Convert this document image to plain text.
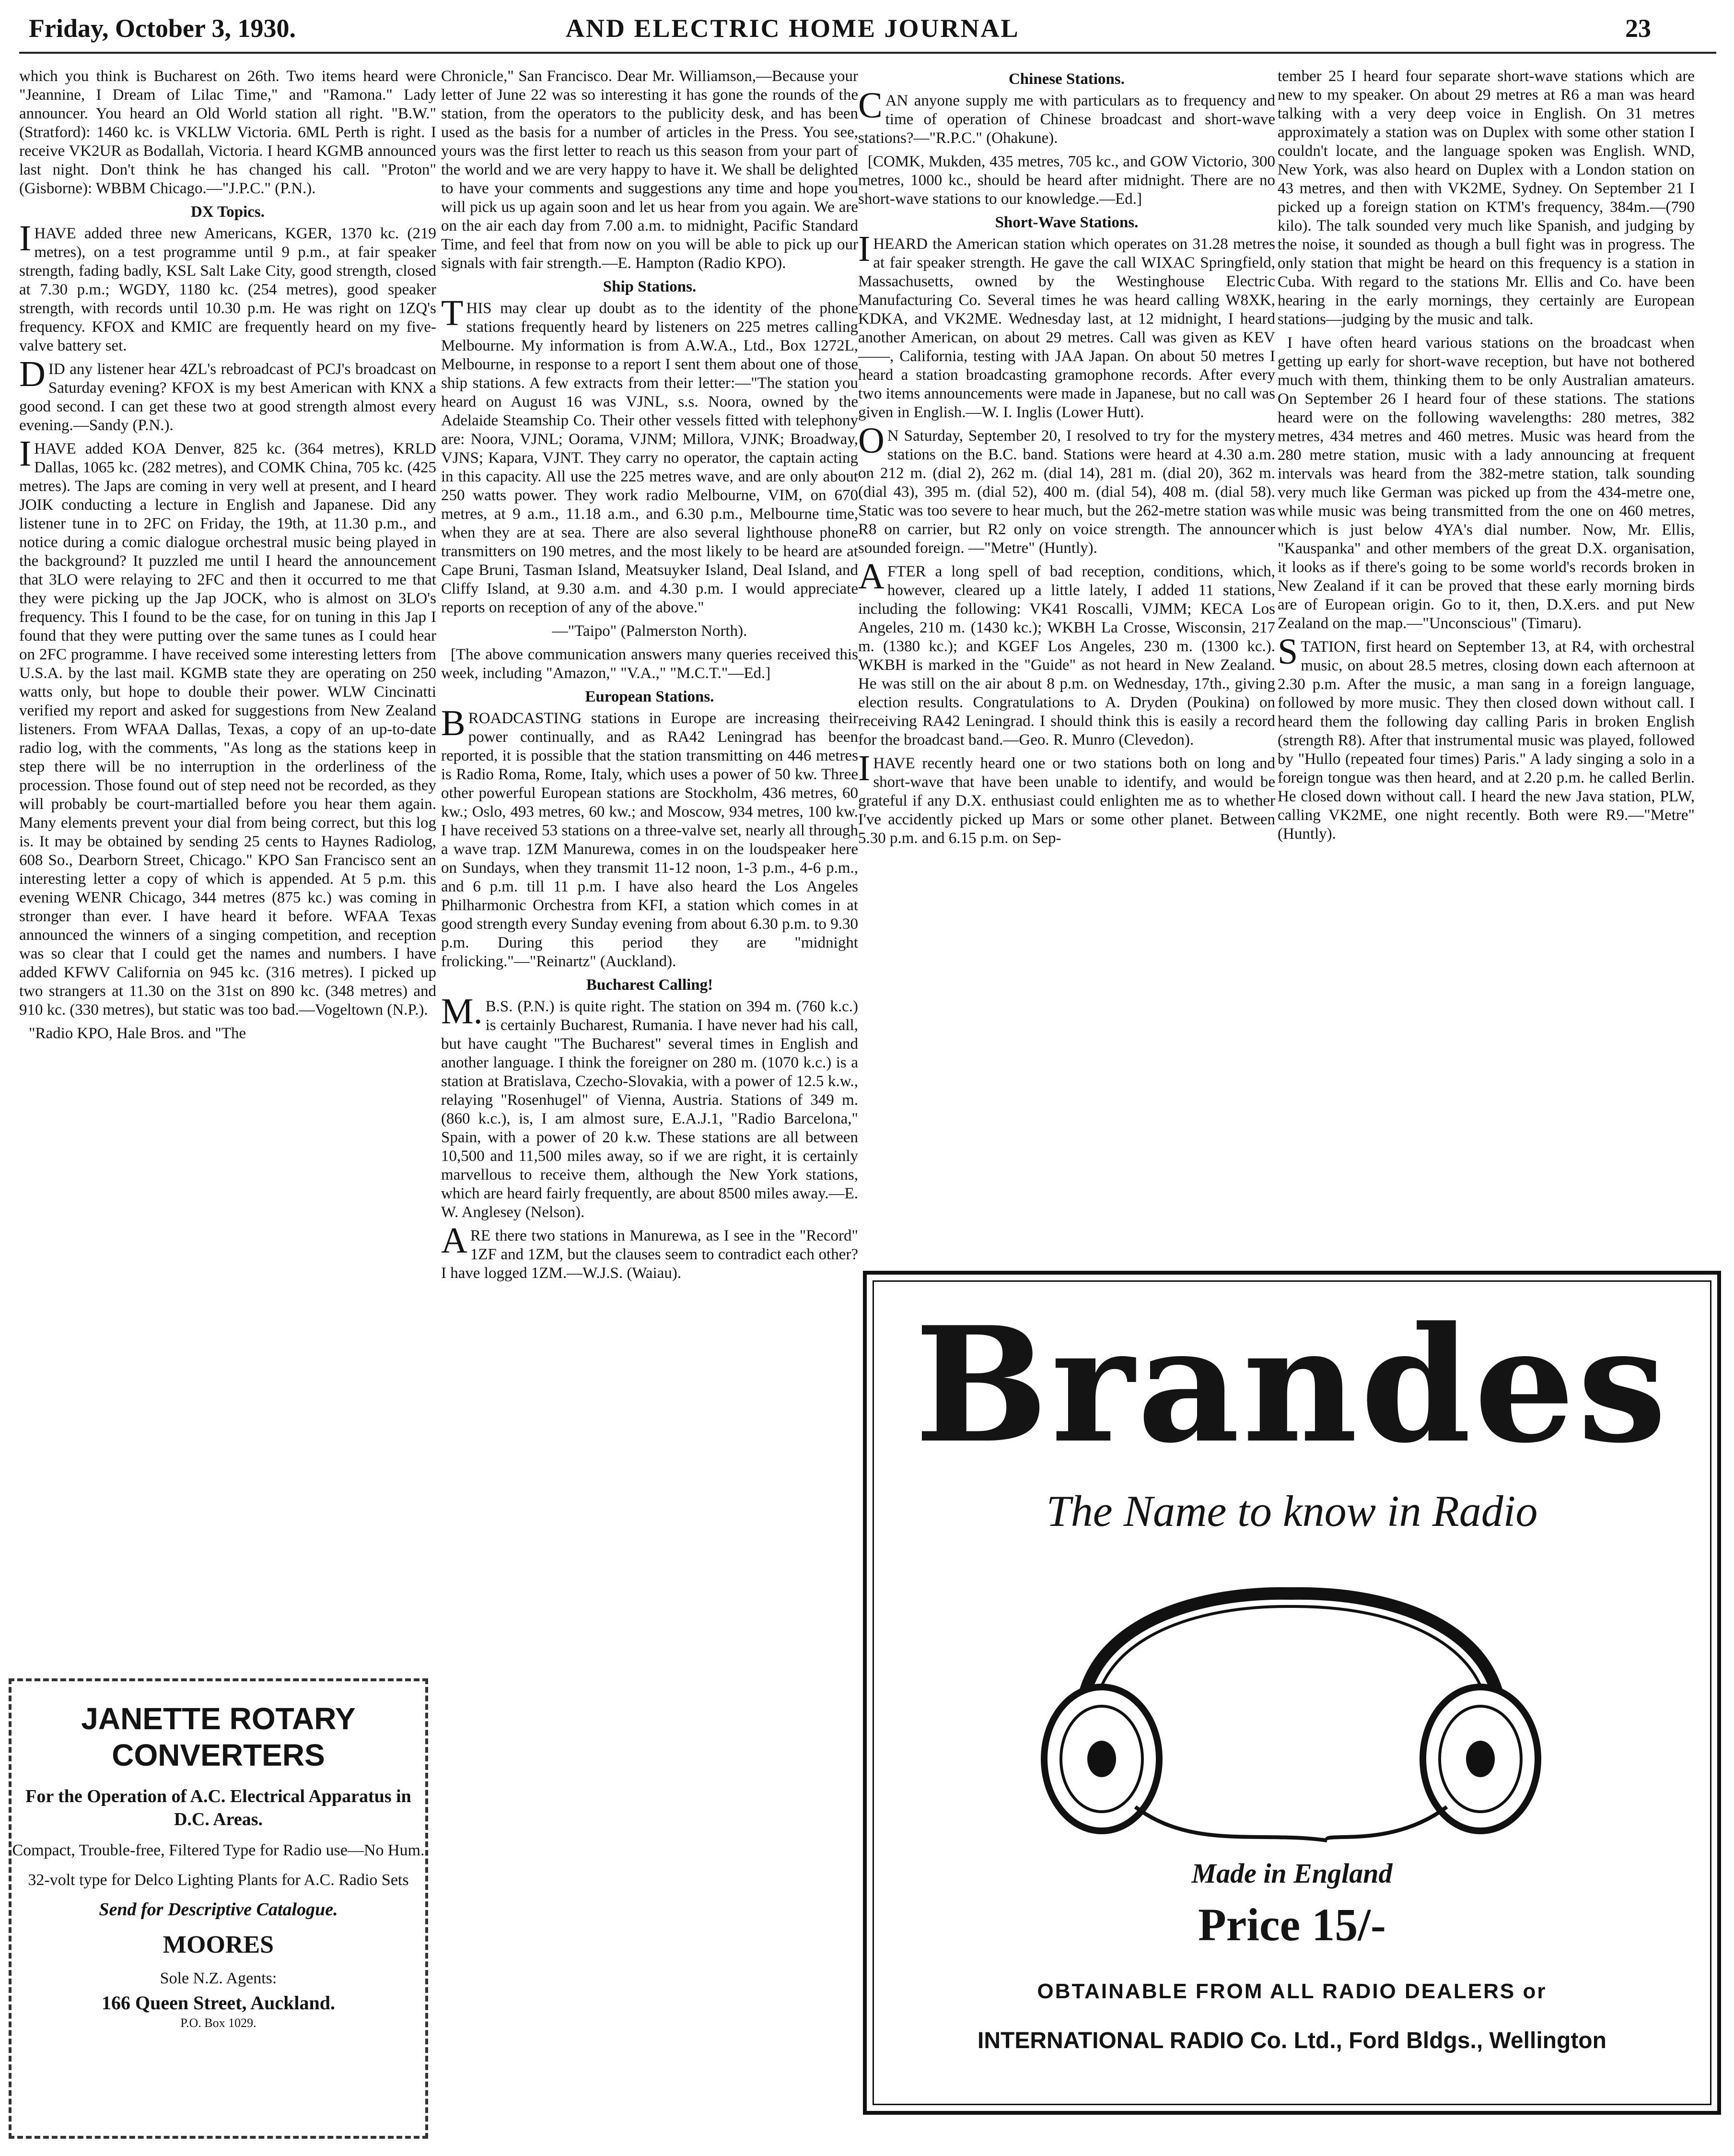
Friday, October 3, 1930.	AND ELECTRIC HOME JOURNAL	23

which you think is Bucharest on 26th. Two items heard were "Jeannine, I Dream of Lilac Time," and "Ramona." Lady announcer. You heard an Old World station all right. "B.W." (Stratford): 1460 kc. is VKLLW Victoria. 6ML Perth is right. I receive VK2UR as Bodallah, Victoria. I heard KGMB announced last night. Don't think he has changed his call. "Proton" (Gisborne): WBBM Chicago.—"J.P.C." (P.N.).

DX Topics.

IHAVE added three new Americans, KGER, 1370 kc. (219 metres), on a test programme until 9 p.m., at fair speaker strength, fading badly, KSL Salt Lake City, good strength, closed at 7.30 p.m.; WGDY, 1180 kc. (254 metres), good speaker strength, with records until 10.30 p.m. He was right on 1ZQ's frequency. KFOX and KMIC are frequently heard on my five-valve battery set.

DID any listener hear 4ZL's rebroadcast of PCJ's broadcast on Saturday evening? KFOX is my best American with KNX a good second. I can get these two at good strength almost every evening.—Sandy (P.N.).

IHAVE added KOA Denver, 825 kc. (364 metres), KRLD Dallas, 1065 kc. (282 metres), and COMK China, 705 kc. (425 metres). The Japs are coming in very well at present, and I heard JOIK conducting a lecture in English and Japanese. Did any listener tune in to 2FC on Friday, the 19th, at 11.30 p.m., and notice during a comic dialogue orchestral music being played in the background? It puzzled me until I heard the announcement that 3LO were relaying to 2FC and then it occurred to me that they were picking up the Jap JOCK, who is almost on 3LO's frequency. This I found to be the case, for on tuning in this Jap I found that they were putting over the same tunes as I could hear on 2FC programme. I have received some interesting letters from U.S.A. by the last mail. KGMB state they are operating on 250 watts only, but hope to double their power. WLW Cincinatti verified my report and asked for suggestions from New Zealand listeners. From WFAA Dallas, Texas, a copy of an up-to-date radio log, with the comments, "As long as the stations keep in step there will be no interruption in the orderliness of the procession. Those found out of step need not be recorded, as they will probably be court-martialled before you hear them again. Many elements prevent your dial from being correct, but this log is. It may be obtained by sending 25 cents to Haynes Radiolog, 608 So., Dearborn Street, Chicago." KPO San Francisco sent an interesting letter a copy of which is appended. At 5 p.m. this evening WENR Chicago, 344 metres (875 kc.) was coming in stronger than ever. I have heard it before. WFAA Texas announced the winners of a singing competition, and reception was so clear that I could get the names and numbers. I have added KFWV California on 945 kc. (316 metres). I picked up two strangers at 11.30 on the 31st on 890 kc. (348 metres) and 910 kc. (330 metres), but static was too bad.—Vogeltown (N.P.).

"Radio KPO, Hale Bros. and "The

JANETTE ROTARY
CONVERTERS
For the Operation of A.C. Electrical Apparatus in D.C. Areas.
Compact, Trouble-free, Filtered Type for Radio use—No Hum.
32-volt type for Delco Lighting Plants for A.C. Radio Sets
Send for Descriptive Catalogue.
MOORES
Sole N.Z. Agents:
166 Queen Street, Auckland.
P.O. Box 1029.

Chronicle," San Francisco. Dear Mr. Williamson,—Because your letter of June 22 was so interesting it has gone the rounds of the station, from the operators to the publicity desk, and has been used as the basis for a number of articles in the Press. You see, yours was the first letter to reach us this season from your part of the world and we are very happy to have it. We shall be delighted to have your comments and suggestions any time and hope you will pick us up again soon and let us hear from you again. We are on the air each day from 7.00 a.m. to midnight, Pacific Standard Time, and feel that from now on you will be able to pick up our signals with fair strength.—E. Hampton (Radio KPO).

Ship Stations.

THIS may clear up doubt as to the identity of the phone stations frequently heard by listeners on 225 metres calling Melbourne. My information is from A.W.A., Ltd., Box 1272L, Melbourne, in response to a report I sent them about one of those ship stations. A few extracts from their letter:—"The station you heard on August 16 was VJNL, s.s. Noora, owned by the Adelaide Steamship Co. Their other vessels fitted with telephony are: Noora, VJNL; Oorama, VJNM; Millora, VJNK; Broadway, VJNS; Kapara, VJNT. They carry no operator, the captain acting in this capacity. All use the 225 metres wave, and are only about 250 watts power. They work radio Melbourne, VIM, on 670 metres, at 9 a.m., 11.18 a.m., and 6.30 p.m., Melbourne time, when they are at sea. There are also several lighthouse phone transmitters on 190 metres, and the most likely to be heard are at Cape Bruni, Tasman Island, Meatsuyker Island, Deal Island, and Cliffy Island, at 9.30 a.m. and 4.30 p.m. I would appreciate reports on reception of any of the above."

—"Taipo" (Palmerston North).

[The above communication answers many queries received this week, including "Amazon," "V.A.," "M.C.T."—Ed.]

European Stations.

BROADCASTING stations in Europe are increasing their power continually, and as RA42 Leningrad has been reported, it is possible that the station transmitting on 446 metres is Radio Roma, Rome, Italy, which uses a power of 50 kw. Three other powerful European stations are Stockholm, 436 metres, 60 kw.; Oslo, 493 metres, 60 kw.; and Moscow, 934 metres, 100 kw. I have received 53 stations on a three-valve set, nearly all through a wave trap. 1ZM Manurewa, comes in on the loudspeaker here on Sundays, when they transmit 11-12 noon, 1-3 p.m., 4-6 p.m., and 6 p.m. till 11 p.m. I have also heard the Los Angeles Philharmonic Orchestra from KFI, a station which comes in at good strength every Sunday evening from about 6.30 p.m. to 9.30 p.m. During this period they are "midnight frolicking."—"Reinartz" (Auckland).

Bucharest Calling!

M.B.S. (P.N.) is quite right. The station on 394 m. (760 k.c.) is certainly Bucharest, Rumania. I have never had his call, but have caught "The Bucharest" several times in English and another language. I think the foreigner on 280 m. (1070 k.c.) is a station at Bratislava, Czecho-Slovakia, with a power of 12.5 k.w., relaying "Rosenhugel" of Vienna, Austria. Stations of 349 m. (860 k.c.), is, I am almost sure, E.A.J.1, "Radio Barcelona," Spain, with a power of 20 k.w. These stations are all between 10,500 and 11,500 miles away, so if we are right, it is certainly marvellous to receive them, although the New York stations, which are heard fairly frequently, are about 8500 miles away.—E. W. Anglesey (Nelson).

ARE there two stations in Manurewa, as I see in the "Record" 1ZF and 1ZM, but the clauses seem to contradict each other? I have logged 1ZM.—W.J.S. (Waiau).

Chinese Stations.

CAN anyone supply me with particulars as to frequency and time of operation of Chinese broadcast and short-wave stations?—"R.P.C." (Ohakune).

[COMK, Mukden, 435 metres, 705 kc., and GOW Victorio, 300 metres, 1000 kc., should be heard after midnight. There are no short-wave stations to our knowledge.—Ed.]

Short-Wave Stations.

IHEARD the American station which operates on 31.28 metres at fair speaker strength. He gave the call WIXAC Springfield, Massachusetts, owned by the Westinghouse Electric Manufacturing Co. Several times he was heard calling W8XK, KDKA, and VK2ME. Wednesday last, at 12 midnight, I heard another American, on about 29 metres. Call was given as KEV——, California, testing with JAA Japan. On about 50 metres I heard a station broadcasting gramophone records. After every two items announcements were made in Japanese, but no call was given in English.—W. I. Inglis (Lower Hutt).

ON Saturday, September 20, I resolved to try for the mystery stations on the B.C. band. Stations were heard at 4.30 a.m. on 212 m. (dial 2), 262 m. (dial 14), 281 m. (dial 20), 362 m. (dial 43), 395 m. (dial 52), 400 m. (dial 54), 408 m. (dial 58). Static was too severe to hear much, but the 262-metre station was R8 on carrier, but R2 only on voice strength. The announcer sounded foreign. —"Metre" (Huntly).

AFTER a long spell of bad reception, conditions, which, however, cleared up a little lately, I added 11 stations, including the following: VK41 Roscalli, VJMM; KECA Los Angeles, 210 m. (1430 kc.); WKBH La Crosse, Wisconsin, 217 m. (1380 kc.); and KGEF Los Angeles, 230 m. (1300 kc.). WKBH is marked in the "Guide" as not heard in New Zealand. He was still on the air about 8 p.m. on Wednesday, 17th., giving election results. Congratulations to A. Dryden (Poukina) on receiving RA42 Leningrad. I should think this is easily a record for the broadcast band.—Geo. R. Munro (Clevedon).

IHAVE recently heard one or two stations both on long and short-wave that have been unable to identify, and would be grateful if any D.X. enthusiast could enlighten me as to whether I've accidently picked up Mars or some other planet. Between 5.30 p.m. and 6.15 p.m. on Sep-

tember 25 I heard four separate short-wave stations which are new to my speaker. On about 29 metres at R6 a man was heard talking with a very deep voice in English. On 31 metres approximately a station was on Duplex with some other station I couldn't locate, and the language spoken was English. WND, New York, was also heard on Duplex with a London station on 43 metres, and then with VK2ME, Sydney. On September 21 I picked up a foreign station on KTM's frequency, 384m.—(790 kilo). The talk sounded very much like Spanish, and judging by the noise, it sounded as though a bull fight was in progress. The only station that might be heard on this frequency is a station in Cuba. With regard to the stations Mr. Ellis and Co. have been hearing in the early mornings, they certainly are European stations—judging by the music and talk.

I have often heard various stations on the broadcast when getting up early for short-wave reception, but have not bothered much with them, thinking them to be only Australian amateurs. On September 26 I heard four of these stations. The stations heard were on the following wavelengths: 280 metres, 382 metres, 434 metres and 460 metres. Music was heard from the 280 metre station, music with a lady announcing at frequent intervals was heard from the 382-metre station, talk sounding very much like German was picked up from the 434-metre one, while music was being transmitted from the one on 460 metres, which is just below 4YA's dial number. Now, Mr. Ellis, "Kauspanka" and other members of the great D.X. organisation, it looks as if there's going to be some world's records broken in New Zealand if it can be proved that these early morning birds are of European origin. Go to it, then, D.X.ers. and put New Zealand on the map.—"Unconscious" (Timaru).

STATION, first heard on September 13, at R4, with orchestral music, on about 28.5 metres, closing down each afternoon at 2.30 p.m. After the music, a man sang in a foreign language, followed by more music. They then closed down without call. I heard them the following day calling Paris in broken English (strength R8). After that instrumental music was played, followed by "Hullo (repeated four times) Paris." A lady singing a solo in a foreign tongue was then heard, and at 2.20 p.m. he called Berlin. He closed down without call. I heard the new Java station, PLW, calling VK2ME, one night recently. Both were R9.—"Metre" (Huntly).

Brandes
The Name to know in Radio
Made in England
Price 15/-
OBTAINABLE FROM ALL RADIO DEALERS or
INTERNATIONAL RADIO Co. Ltd., Ford Bldgs., Wellington
